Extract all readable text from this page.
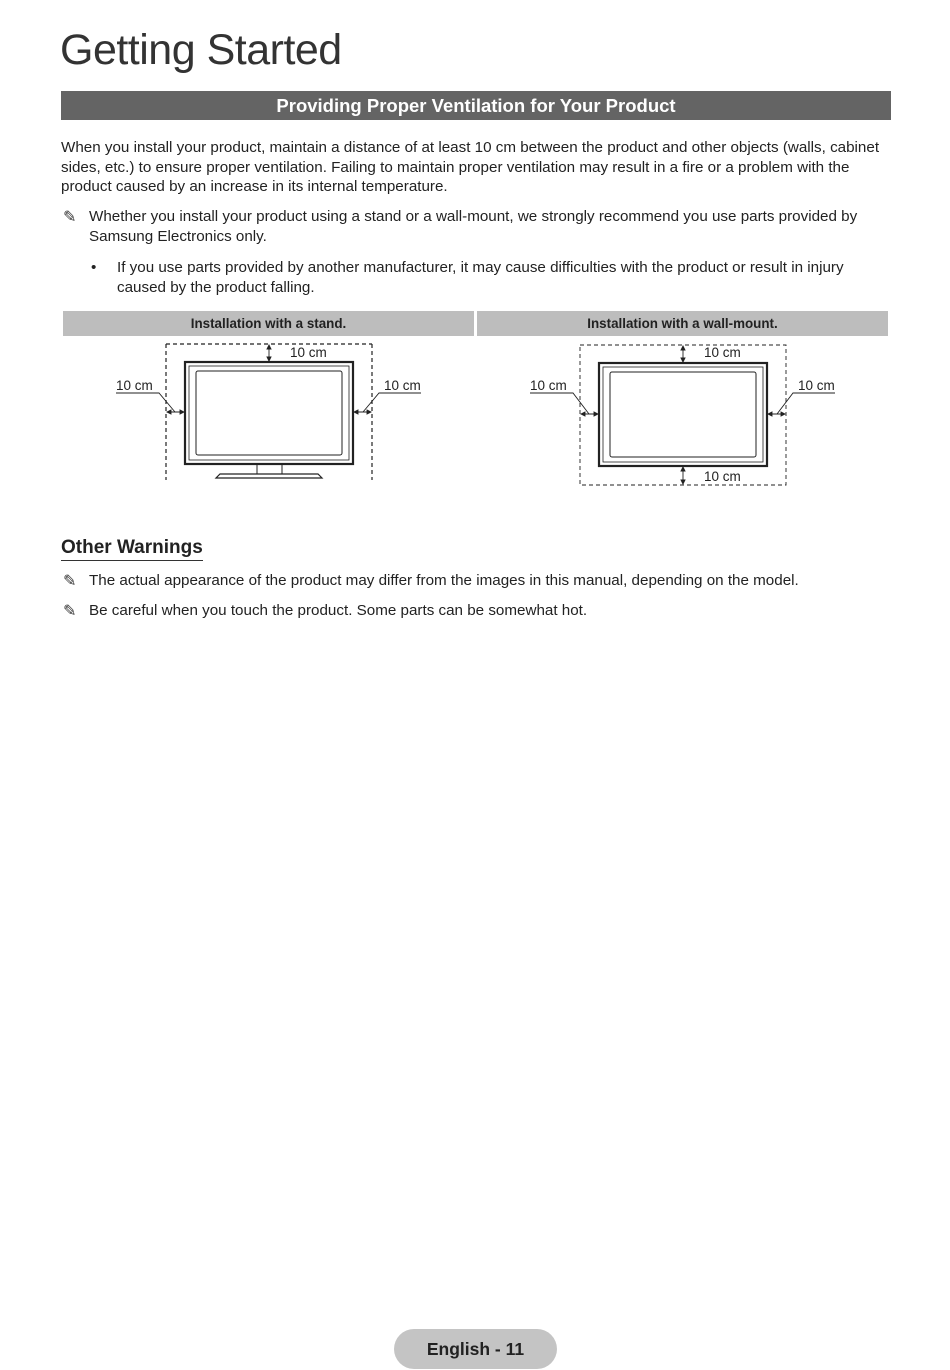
Getting Started
Providing Proper Ventilation for Your Product

When you install your product, maintain a distance of at least 10 cm between the product and other objects (walls, cabinet sides, etc.) to ensure proper ventilation. Failing to maintain proper ventilation may result in a fire or a problem with the product caused by an increase in its internal temperature.

✎ Whether you install your product using a stand or a wall-mount, we strongly recommend you use parts provided by Samsung Electronics only.
•	If you use parts provided by another manufacturer, it may cause difficulties with the product or result in injury caused by the product falling.
Installation with a stand.	Installation with a wall-mount.
10 cm
10 cm	10 cm
10 cm
10 cm	10 cm
10 cm
Other Warnings
✎ The actual appearance of the product may differ from the images in this manual, depending on the model.
✎ Be careful when you touch the product. Some parts can be somewhat hot.
English - 11
